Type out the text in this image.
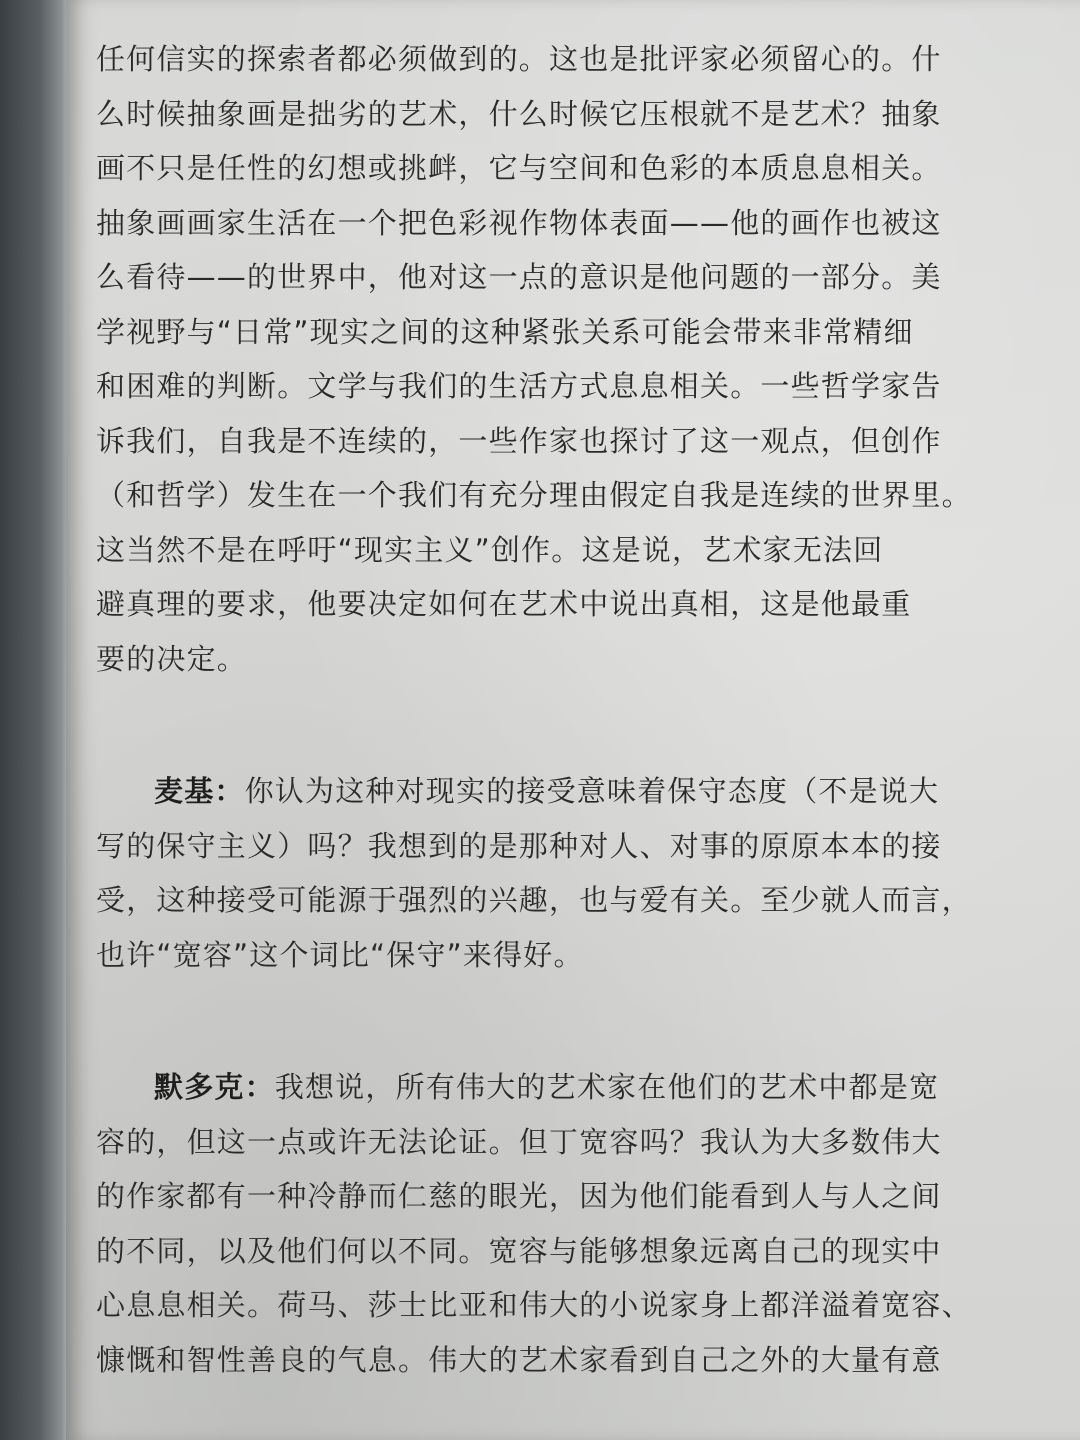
任何信实的探索者都必须做到的。这也是批评家必须留心的。什
么时候抽象画是拙劣的艺术，什么时候它压根就不是艺术？抽象
画不只是任性的幻想或挑衅，它与空间和色彩的本质息息相关。
抽象画画家生活在一个把色彩视作物体表面——他的画作也被这
么看待——的世界中，他对这一点的意识是他问题的一部分。美
学视野与“日常”现实之间的这种紧张关系可能会带来非常精细
和困难的判断。文学与我们的生活方式息息相关。一些哲学家告
诉我们，自我是不连续的，一些作家也探讨了这一观点，但创作
（和哲学）发生在一个我们有充分理由假定自我是连续的世界里。
这当然不是在呼吁“现实主义”创作。这是说，艺术家无法回
避真理的要求，他要决定如何在艺术中说出真相，这是他最重
要的决定。
麦基：你认为这种对现实的接受意味着保守态度（不是说大
写的保守主义）吗？我想到的是那种对人、对事的原原本本的接
受，这种接受可能源于强烈的兴趣，也与爱有关。至少就人而言，
也许“宽容”这个词比“保守”来得好。
默多克：我想说，所有伟大的艺术家在他们的艺术中都是宽
容的，但这一点或许无法论证。但丁宽容吗？我认为大多数伟大
的作家都有一种冷静而仁慈的眼光，因为他们能看到人与人之间
的不同，以及他们何以不同。宽容与能够想象远离自己的现实中
心息息相关。荷马、莎士比亚和伟大的小说家身上都洋溢着宽容、
慷慨和智性善良的气息。伟大的艺术家看到自己之外的大量有意
